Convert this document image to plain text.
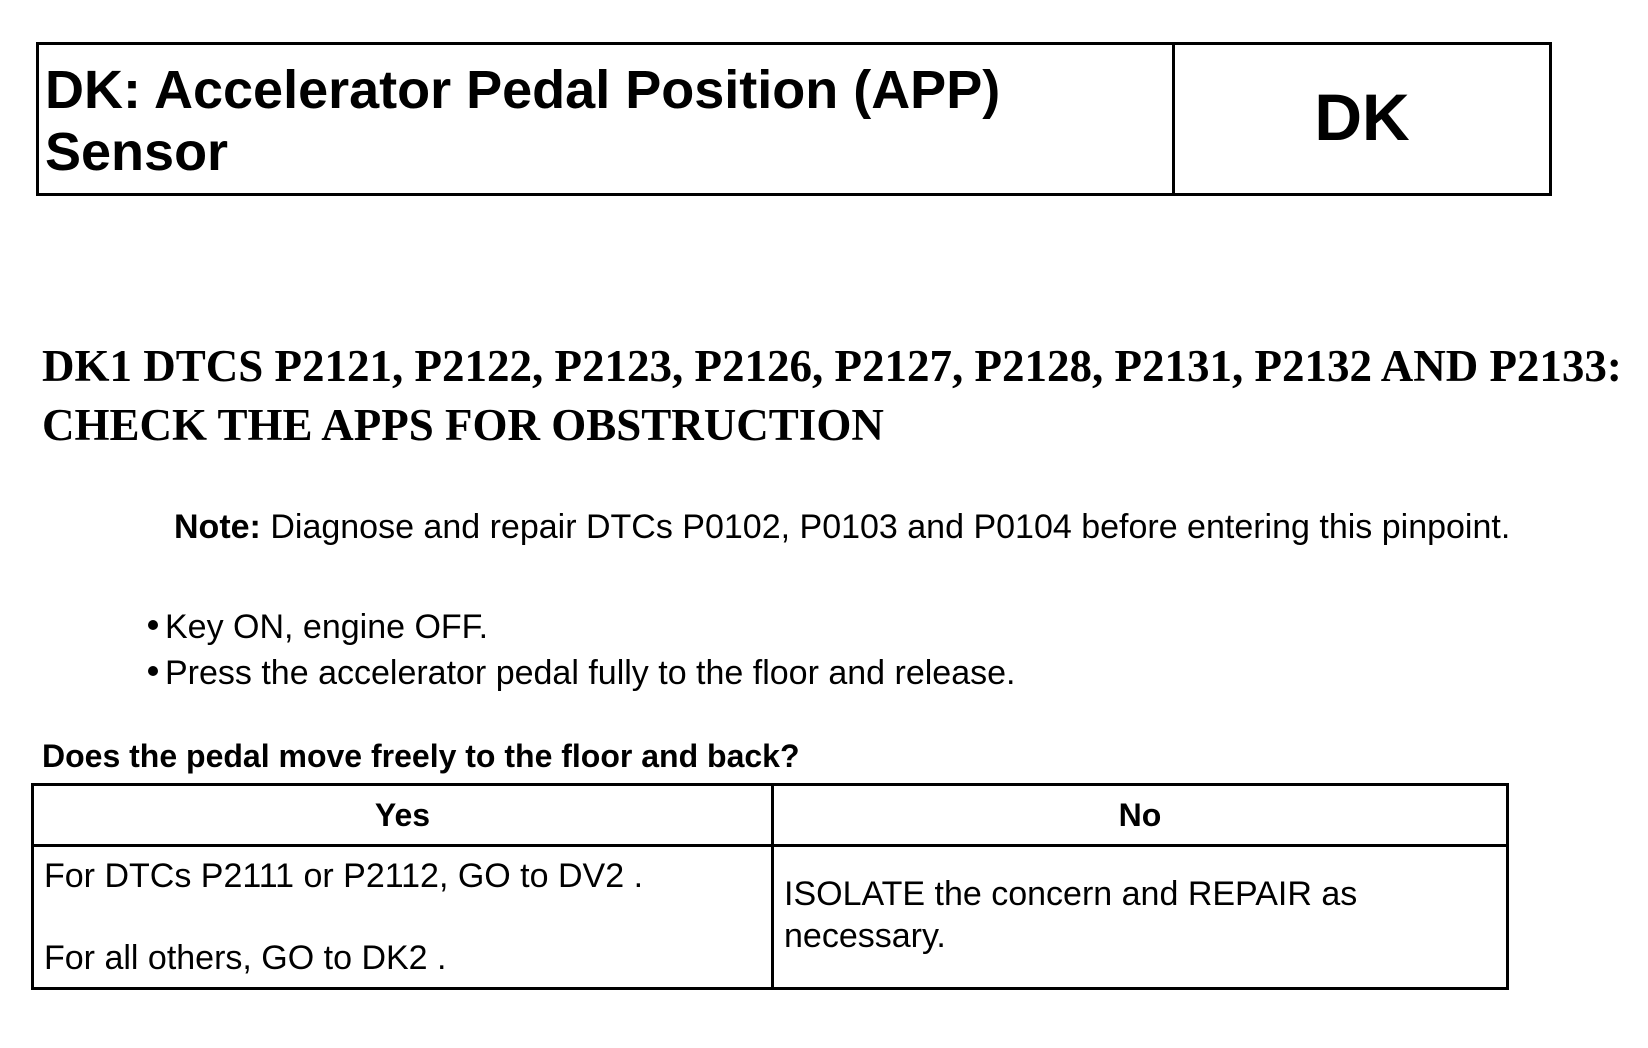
DK: Accelerator Pedal Position (APP) Sensor	DK
DK1 DTCS P2121, P2122, P2123, P2126, P2127, P2128, P2131, P2132 AND P2133: CHECK THE APPS FOR OBSTRUCTION
Note: Diagnose and repair DTCs P0102, P0103 and P0104 before entering this pinpoint.
Key ON, engine OFF.
Press the accelerator pedal fully to the floor and release.
Does the pedal move freely to the floor and back?
Yes	No

For DTCs P2111 or P2112, GO to DV2 .
For all others, GO to DK2 .	ISOLATE the concern and REPAIR as necessary.
